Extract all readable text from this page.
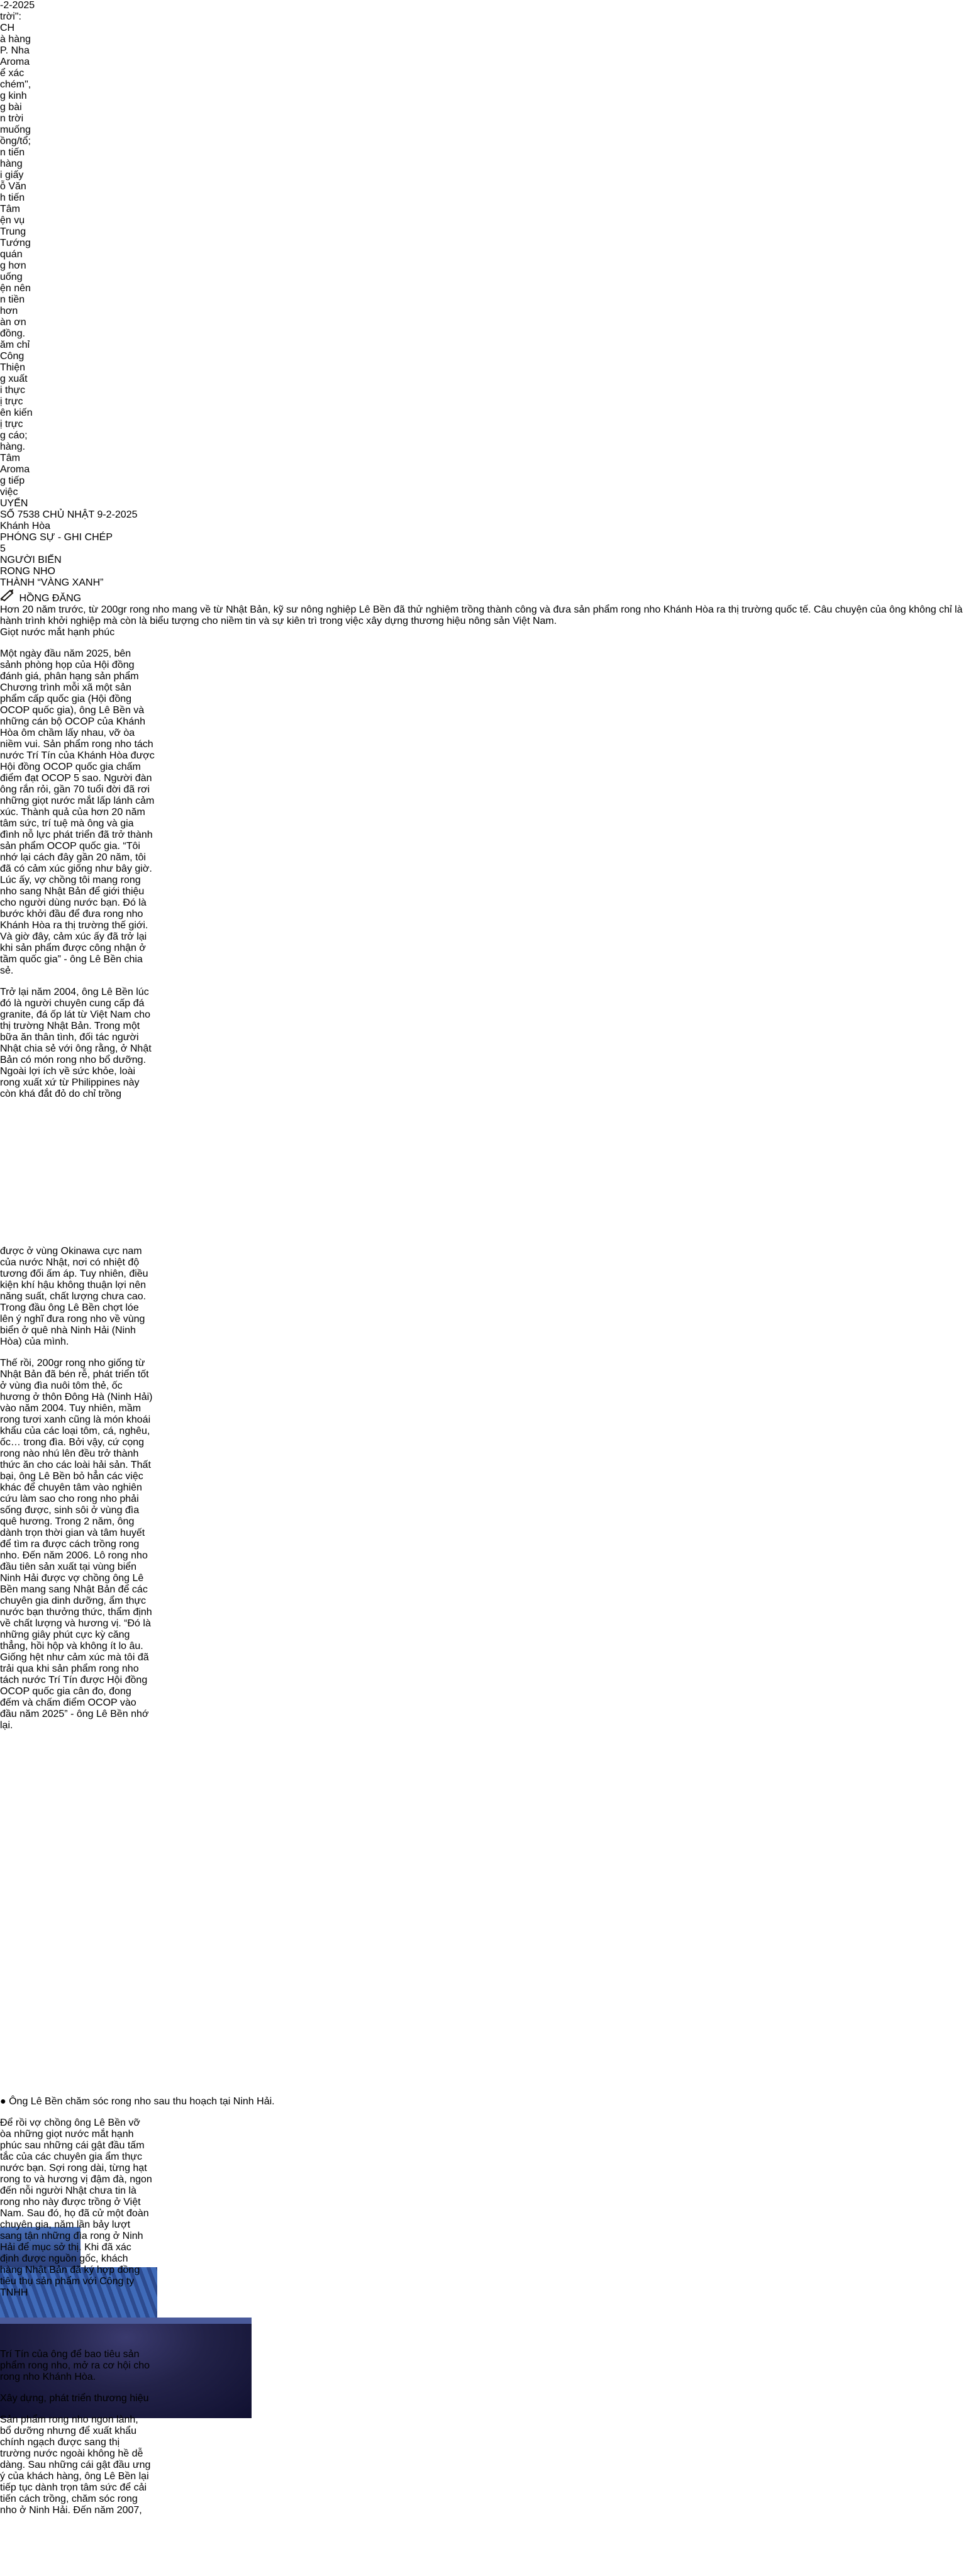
-2-2025
trời":
CH
à hàng
P. Nha
Aroma
ể xác
chém",
g kinh
g bài
n trời
muống
ồng/tổ;
n tiến
hàng
i giấy
ỗ Văn
h tiến
Tâm
ện vụ
Trung
Tướng
quán
g hơn
uống
ện nên
n tiền
hơn
àn ơn
đồng.
ăm chỉ
Công
Thiện
g xuất
i thực
ị trực
ên kiến
ị trực
g cáo;
hàng.
Tâm
Aroma
g tiếp
việc
UYỂN
SỐ 7538 CHỦ NHẬT 9-2-2025
Khánh Hòa
PHÓNG SỰ - GHI CHÉP
5
NGƯỜI BIẾN
RONG NHO
THÀNH “VÀNG XANH”
HỒNG ĐĂNG
Hơn 20 năm trước, từ 200gr rong nho mang về từ Nhật Bản, kỹ sư nông nghiệp Lê Bền đã thử nghiệm trồng thành công và đưa sản phẩm rong nho Khánh Hòa ra thị trường quốc tế. Câu chuyện của ông không chỉ là hành trình khởi nghiệp mà còn là biểu tượng cho niềm tin và sự kiên trì trong việc xây dựng thương hiệu nông sản Việt Nam.
Giọt nước mắt hạnh phúc

Một ngày đầu năm 2025, bên sảnh phòng họp của Hội đồng đánh giá, phân hạng sản phẩm Chương trình mỗi xã một sản phẩm cấp quốc gia (Hội đồng OCOP quốc gia), ông Lê Bền và những cán bộ OCOP của Khánh Hòa ôm chầm lấy nhau, vỡ òa niềm vui. Sản phẩm rong nho tách nước Trí Tín của Khánh Hòa được Hội đồng OCOP quốc gia chấm điểm đạt OCOP 5 sao. Người đàn ông rắn rỏi, gần 70 tuổi đời đã rơi những giọt nước mắt lấp lánh cảm xúc. Thành quả của hơn 20 năm tâm sức, trí tuệ mà ông và gia đình nỗ lực phát triển đã trở thành sản phẩm OCOP quốc gia. “Tôi nhớ lại cách đây gần 20 năm, tôi đã có cảm xúc giống như bây giờ. Lúc ấy, vợ chồng tôi mang rong nho sang Nhật Bản để giới thiệu cho người dùng nước bạn. Đó là bước khởi đầu để đưa rong nho Khánh Hòa ra thị trường thế giới. Và giờ đây, cảm xúc ấy đã trở lại khi sản phẩm được công nhận ở tầm quốc gia” - ông Lê Bền chia sẻ.

Trở lại năm 2004, ông Lê Bền lúc đó là người chuyên cung cấp đá granite, đá ốp lát từ Việt Nam cho thị trường Nhật Bản. Trong một bữa ăn thân tình, đối tác người Nhật chia sẻ với ông rằng, ở Nhật Bản có món rong nho bổ dưỡng. Ngoài lợi ích về sức khỏe, loài rong xuất xứ từ Philippines này còn khá đắt đỏ do chỉ trồng

được ở vùng Okinawa cực nam của nước Nhật, nơi có nhiệt độ tương đối ấm áp. Tuy nhiên, điều kiện khí hậu không thuận lợi nên năng suất, chất lượng chưa cao. Trong đầu ông Lê Bền chợt lóe lên ý nghĩ đưa rong nho về vùng biển ở quê nhà Ninh Hải (Ninh Hòa) của mình.

Thế rồi, 200gr rong nho giống từ Nhật Bản đã bén rễ, phát triển tốt ở vùng đìa nuôi tôm thẻ, ốc hương ở thôn Đông Hà (Ninh Hải) vào năm 2004. Tuy nhiên, mầm rong tươi xanh cũng là món khoái khẩu của các loại tôm, cá, nghêu, ốc… trong đìa. Bởi vậy, cứ cọng rong nào nhú lên đều trở thành thức ăn cho các loài hải sản. Thất bại, ông Lê Bền bỏ hẳn các việc khác để chuyên tâm vào nghiên cứu làm sao cho rong nho phải sống được, sinh sôi ở vùng đìa quê hương. Trong 2 năm, ông dành trọn thời gian và tâm huyết để tìm ra được cách trồng rong nho. Đến năm 2006. Lô rong nho đầu tiên sản xuất tại vùng biển Ninh Hải được vợ chồng ông Lê Bền mang sang Nhật Bản để các chuyên gia dinh dưỡng, ẩm thực nước bạn thưởng thức, thẩm định về chất lượng và hương vị. “Đó là những giây phút cực kỳ căng thẳng, hồi hộp và không ít lo âu. Giống hệt như cảm xúc mà tôi đã trải qua khi sản phẩm rong nho tách nước Trí Tín được Hội đồng OCOP quốc gia cân đo, đong đếm và chấm điểm OCOP vào đầu năm 2025” - ông Lê Bền nhớ lại.

● Ông Lê Bền chăm sóc rong nho sau thu hoạch tại Ninh Hải.

Để rồi vợ chồng ông Lê Bền vỡ òa những giọt nước mắt hạnh phúc sau những cái gật đầu tấm tắc của các chuyên gia ẩm thực nước bạn. Sợi rong dài, từng hạt rong to và hương vị đậm đà, ngon đến nỗi người Nhật chưa tin là rong nho này được trồng ở Việt Nam. Sau đó, họ đã cử một đoàn chuyên gia, năm lần bảy lượt sang tận những đìa rong ở Ninh Hải để mục sở thị. Khi đã xác định được nguồn gốc, khách hàng Nhật Bản đã ký hợp đồng tiêu thụ sản phẩm với Công ty TNHH

Trí Tín của ông để bao tiêu sản phẩm rong nho, mở ra cơ hội cho rong nho Khánh Hòa.

Xây dựng, phát triển thương hiệu

Sản phẩm rong nho ngon lành, bổ dưỡng nhưng để xuất khẩu chính ngạch được sang thị trường nước ngoài không hề dễ dàng. Sau những cái gật đầu ưng ý của khách hàng, ông Lê Bền lại tiếp tục dành trọn tâm sức để cải tiến cách trồng, chăm sóc rong nho ở Ninh Hải. Đến năm 2007,
